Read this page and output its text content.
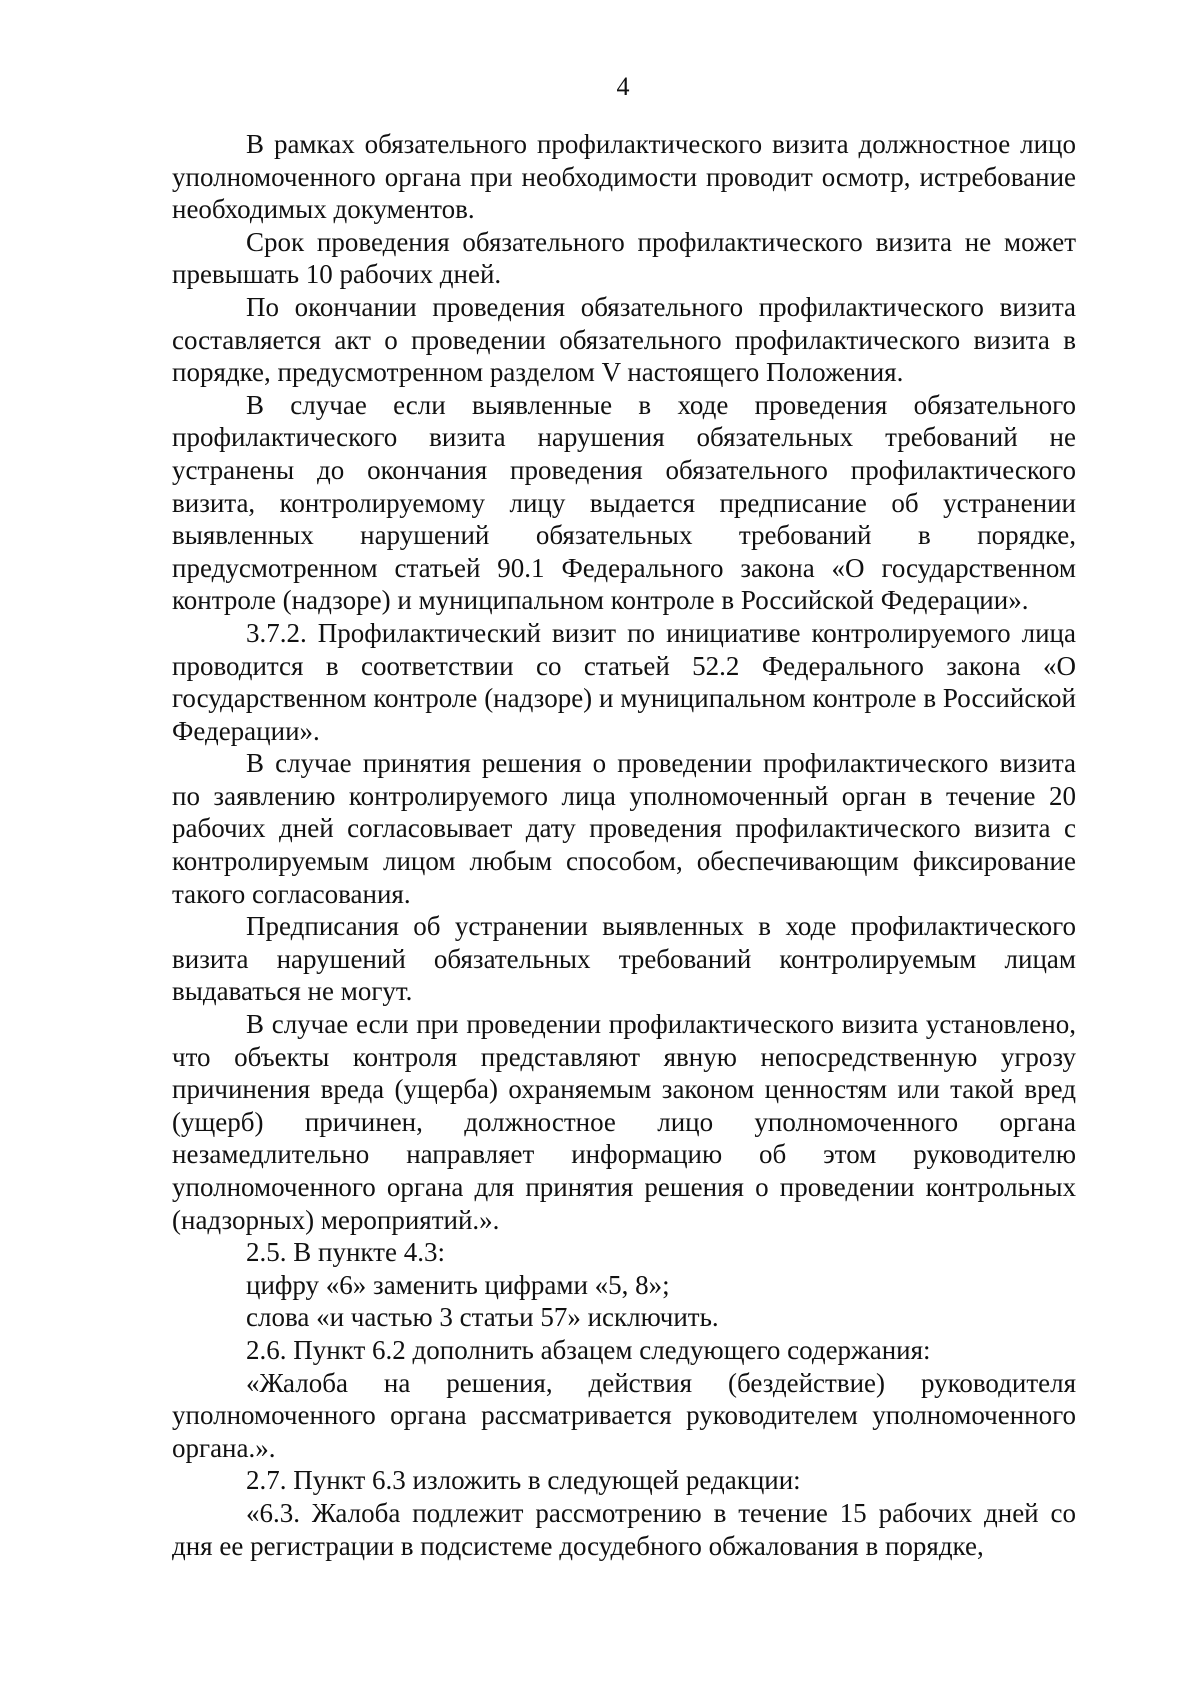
4

В рамках обязательного профилактического визита должностное лицо уполномоченного органа при необходимости проводит осмотр, истребование необходимых документов.

Срок проведения обязательного профилактического визита не может превышать 10 рабочих дней.

По окончании проведения обязательного профилактического визита составляется акт о проведении обязательного профилактического визита в порядке, предусмотренном разделом V настоящего Положения.

В случае если выявленные в ходе проведения обязательного профилактического визита нарушения обязательных требований не устранены до окончания проведения обязательного профилактического визита, контролируемому лицу выдается предписание об устранении выявленных нарушений обязательных требований в порядке, предусмотренном статьей 90.1 Федерального закона «О государственном контроле (надзоре) и муниципальном контроле в Российской Федерации».

3.7.2. Профилактический визит по инициативе контролируемого лица проводится в соответствии со статьей 52.2 Федерального закона «О государственном контроле (надзоре) и муниципальном контроле в Российской Федерации».

В случае принятия решения о проведении профилактического визита по заявлению контролируемого лица уполномоченный орган в течение 20 рабочих дней согласовывает дату проведения профилактического визита с контролируемым лицом любым способом, обеспечивающим фиксирование такого согласования.

Предписания об устранении выявленных в ходе профилактического визита нарушений обязательных требований контролируемым лицам выдаваться не могут.

В случае если при проведении профилактического визита установлено, что объекты контроля представляют явную непосредственную угрозу причинения вреда (ущерба) охраняемым законом ценностям или такой вред (ущерб) причинен, должностное лицо уполномоченного органа незамедлительно направляет информацию об этом руководителю уполномоченного органа для принятия решения о проведении контрольных (надзорных) мероприятий.».

2.5. В пункте 4.3:

цифру «6» заменить цифрами «5, 8»;

слова «и частью 3 статьи 57» исключить.

2.6. Пункт 6.2 дополнить абзацем следующего содержания:

«Жалоба на решения, действия (бездействие) руководителя уполномоченного органа рассматривается руководителем уполномоченного органа.».

2.7. Пункт 6.3 изложить в следующей редакции:

«6.3. Жалоба подлежит рассмотрению в течение 15 рабочих дней со дня ее регистрации в подсистеме досудебного обжалования в порядке,
